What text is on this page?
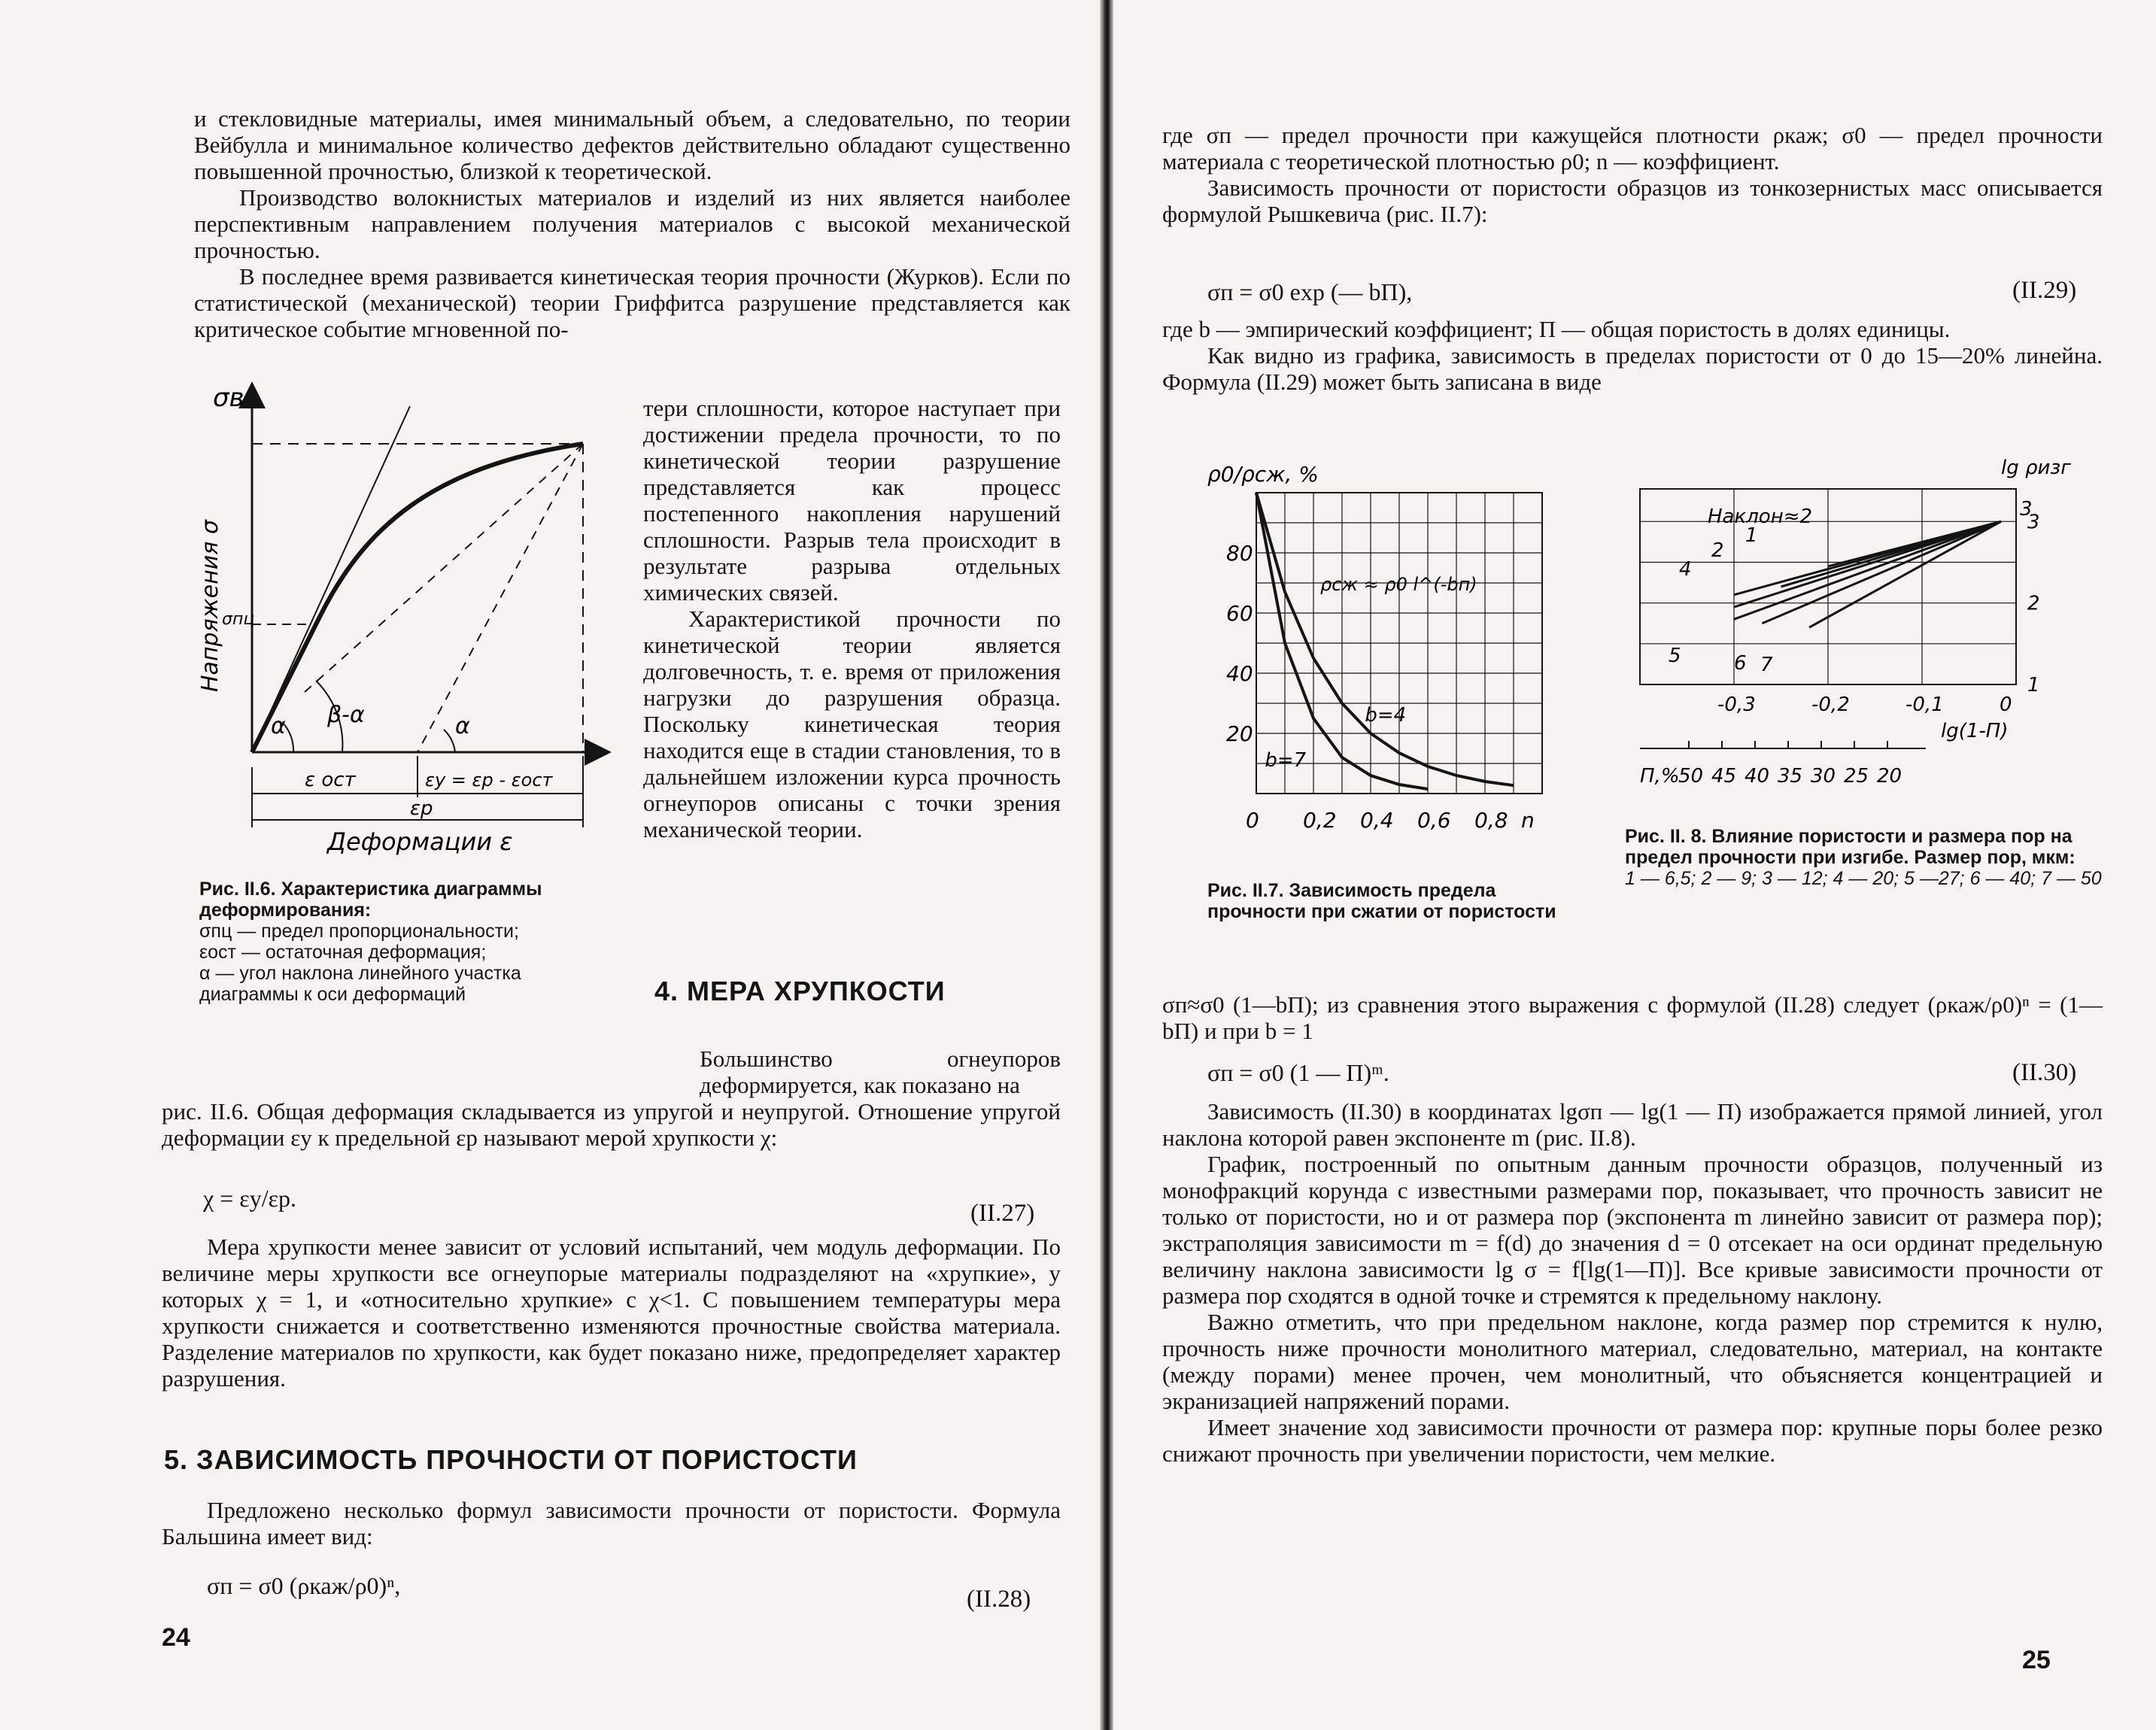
и стекловидные материалы, имея минимальный объем, а следовательно, по теории Вейбулла и минимальное количество дефектов действительно обладают существенно повышенной прочностью, близкой к теоретической.

Производство волокнистых материалов и изделий из них является наиболее перспективным направлением получения материалов с высокой механической прочностью.

В последнее время развивается кинетическая теория прочности (Журков). Если по статистической (механической) теории Гриффитса разрушение представляется как критическое событие мгновенной по-

σв
σпц
Напряжения σ
α β-α	α
ε ост	εу = εр - εост
εр
Деформации ε
Рис. II.6. Характеристика диаграммы деформирования:
σпц — предел пропорциональности;
εост — остаточная деформация;
α — угол наклона линейного участка диаграммы к оси деформаций

тери сплошности, которое наступает при достижении предела прочности, то по кинетической теории разрушение представляется как процесс постепенного накопления нарушений сплошности. Разрыв тела происходит в результате разрыва отдельных химических связей.

Характеристикой прочности по кинетической теории является долговечность, т. е. время от приложения нагрузки до разрушения образца. Поскольку кинетическая теория находится еще в стадии становления, то в дальнейшем изложении курса прочность огнеупоров описаны с точки зрения механической теории.

4. МЕРА ХРУПКОСТИ
Большинство огнеупоров деформируется, как показано на
рис. II.6. Общая деформация складывается из упругой и неупругой. Отношение упругой деформации εу к предельной εр называют мерой хрупкости χ:
χ = εу/εр.
(II.27)

Мера хрупкости менее зависит от условий испытаний, чем модуль деформации. По величине меры хрупкости все огнеупорые материалы подразделяют на «хрупкие», у которых χ = 1, и «относительно хрупкие» с χ<1. С повышением температуры мера хрупкости снижается и соответственно изменяются прочностные свойства материала. Разделение материалов по хрупкости, как будет показано ниже, предопределяет характер разрушения.

5. ЗАВИСИМОСТЬ ПРОЧНОСТИ ОТ ПОРИСТОСТИ

Предложено несколько формул зависимости прочности от пористости. Формула Бальшина имеет вид:

σп = σ0 (ρкаж/ρ0)ⁿ,	(II.28)
24

где σп — предел прочности при кажущейся плотности ρкаж; σ0 — предел прочности материала с теоретической плотностью ρ0; n — коэффициент.

Зависимость прочности от пористости образцов из тонкозернистых масс описывается формулой Рышкевича (рис. II.7):

σп = σ0 exp (— bП),	(II.29)

где b — эмпирический коэффициент; П — общая пористость в долях единицы.

Как видно из графика, зависимость в пределах пористости от 0 до 15—20% линейна. Формула (II.29) может быть записана в виде

ρ0/ρсж, %
ρсж ≈ ρ0 l^(-bп)
0 0,2 0,4 0,6 0,8 n
20
40
60
80
b=4
b=7
lg ρизг
Наклон≈2
lg(1-П)
П,%
-0,3	-0,2	-0,1	0
1
2
3
1
2
3
4
5	6 7
50 45 40 35 30 25 20
Рис. II.7. Зависимость предела прочности при сжатии от пористости
Рис. II. 8. Влияние пористости и размера пор на предел прочности при изгибе. Размер пор, мкм:
1 — 6,5; 2 — 9; 3 — 12; 4 — 20; 5 —27; 6 — 40; 7 — 50
σп≈σ0 (1—bП); из сравнения этого выражения с формулой (II.28) следует (ρкаж/ρ0)ⁿ = (1—bП) и при b = 1
σп = σ0 (1 — П)ᵐ.	(II.30)

Зависимость (II.30) в координатах lgσп — lg(1 — П) изображается прямой линией, угол наклона которой равен экспоненте m (рис. II.8).

График, построенный по опытным данным прочности образцов, полученный из монофракций корунда с известными размерами пор, показывает, что прочность зависит не только от пористости, но и от размера пор (экспонента m линейно зависит от размера пор); экстраполяция зависимости m = f(d) до значения d = 0 отсекает на оси ординат предельную величину наклона зависимости lg σ = f[lg(1—П)]. Все кривые зависимости прочности от размера пор сходятся в одной точке и стремятся к предельному наклону.

Важно отметить, что при предельном наклоне, когда размер пор стремится к нулю, прочность ниже прочности монолитного материал, следовательно, материал, на контакте (между порами) менее прочен, чем монолитный, что объясняется концентрацией и экранизацией напряжений порами.

Имеет значение ход зависимости прочности от размера пор: крупные поры более резко снижают прочность при увеличении пористости, чем мелкие.

25
